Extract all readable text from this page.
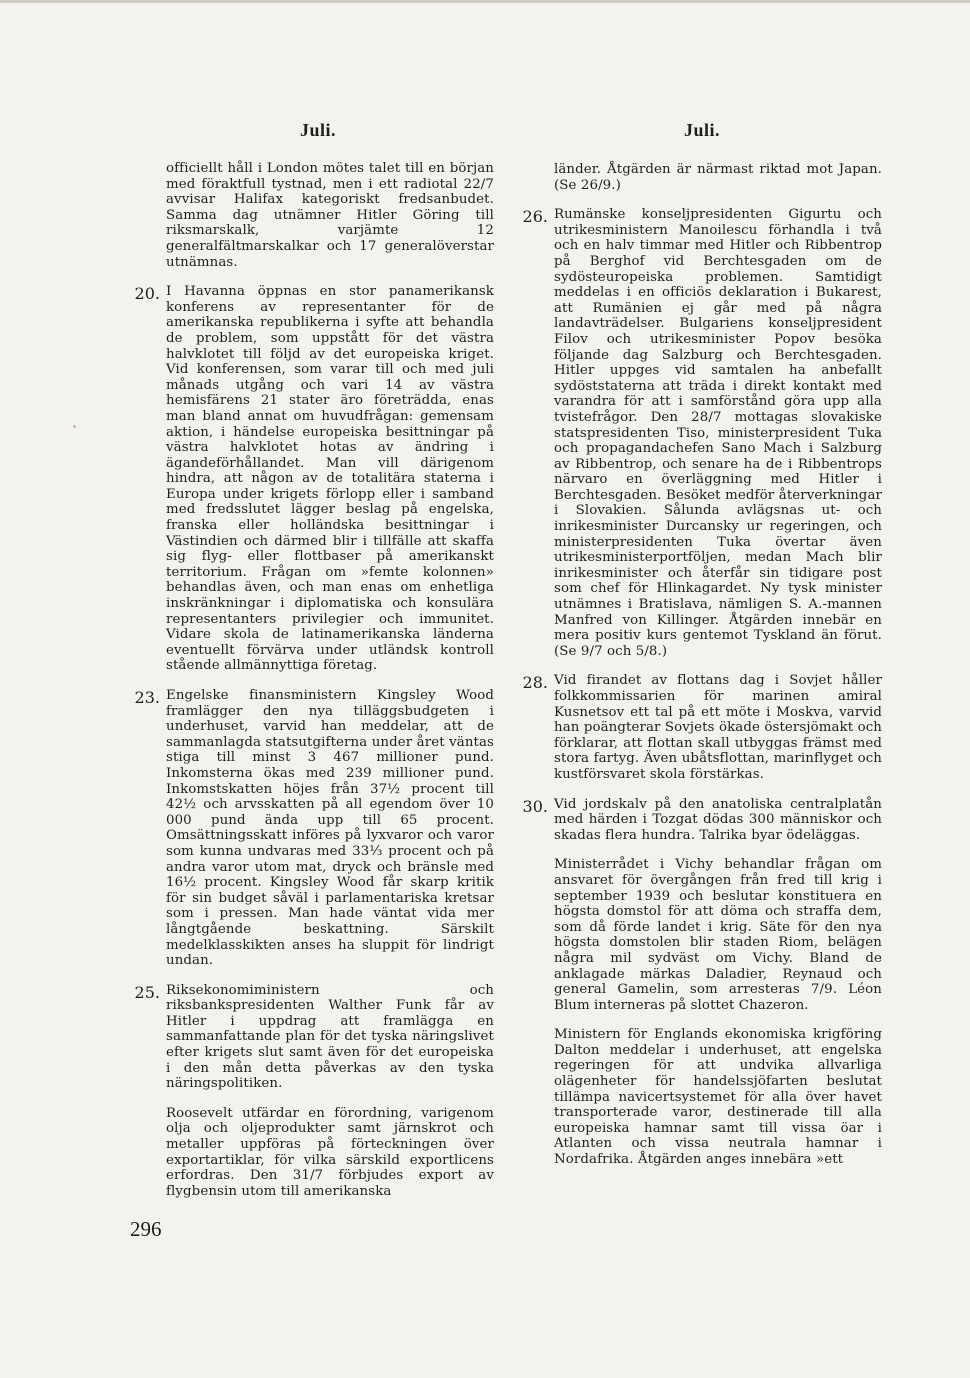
Juli.

officiellt håll i London mötes talet till en början med föraktfull tystnad, men i ett radiotal 22/7 avvisar Halifax kategoriskt fredsanbudet. Samma dag utnämner Hitler Göring till riksmarskalk, varjämte 12 generalfältmarskalkar och 17 generalöverstar utnämnas.

20. I Havanna öppnas en stor panamerikansk konferens av representanter för de amerikanska republikerna i syfte att behandla de problem, som uppstått för det västra halvklotet till följd av det europeiska kriget. Vid konferensen, som varar till och med juli månads utgång och vari 14 av västra hemisfärens 21 stater äro företrädda, enas man bland annat om huvudfrågan: gemensam aktion, i händelse europeiska besittningar på västra halvklotet hotas av ändring i ägandeförhållandet. Man vill därigenom hindra, att någon av de totalitära staterna i Europa under krigets förlopp eller i samband med fredsslutet lägger beslag på engelska, franska eller holländska besittningar i Västindien och därmed blir i tillfälle att skaffa sig flyg- eller flottbaser på amerikanskt territorium. Frågan om »femte kolonnen» behandlas även, och man enas om enhetliga inskränkningar i diplomatiska och konsulära representanters privilegier och immunitet. Vidare skola de latinamerikanska länderna eventuellt förvärva under utländsk kontroll stående allmännyttiga företag.

23. Engelske finansministern Kingsley Wood framlägger den nya tilläggsbudgeten i underhuset, varvid han meddelar, att de sammanlagda statsutgifterna under året väntas stiga till minst 3 467 millioner pund. Inkomsterna ökas med 239 millioner pund. Inkomstskatten höjes från 37½ procent till 42½ och arvsskatten på all egendom över 10 000 pund ända upp till 65 procent. Omsättningsskatt införes på lyxvaror och varor som kunna undvaras med 33⅓ procent och på andra varor utom mat, dryck och bränsle med 16½ procent. Kingsley Wood får skarp kritik för sin budget såväl i parlamentariska kretsar som i pressen. Man hade väntat vida mer långtgående beskattning. Särskilt medelklasskikten anses ha sluppit för lindrigt undan.

25. Riksekonomiministern och riksbankspresidenten Walther Funk får av Hitler i uppdrag att framlägga en sammanfattande plan för det tyska näringslivet efter krigets slut samt även för det europeiska i den mån detta påverkas av den tyska näringspolitiken.

Roosevelt utfärdar en förordning, varigenom olja och oljeprodukter samt järnskrot och metaller uppföras på förteckningen över exportartiklar, för vilka särskild exportlicens erfordras. Den 31/7 förbjudes export av flygbensin utom till amerikanska

Juli.

länder. Åtgärden är närmast riktad mot Japan. (Se 26/9.)

26. Rumänske konseljpresidenten Gigurtu och utrikesministern Manoilescu förhandla i två och en halv timmar med Hitler och Ribbentrop på Berghof vid Berchtesgaden om de sydösteuropeiska problemen. Samtidigt meddelas i en officiös deklaration i Bukarest, att Rumänien ej går med på några landavträdelser. Bulgariens konseljpresident Filov och utrikesminister Popov besöka följande dag Salzburg och Berchtesgaden. Hitler uppges vid samtalen ha anbefallt sydöststaterna att träda i direkt kontakt med varandra för att i samförstånd göra upp alla tvistefrågor. Den 28/7 mottagas slovakiske statspresidenten Tiso, ministerpresident Tuka och propagandachefen Sano Mach i Salzburg av Ribbentrop, och senare ha de i Ribbentrops närvaro en överläggning med Hitler i Berchtesgaden. Besöket medför återverkningar i Slovakien. Sålunda avlägsnas ut- och inrikesminister Durcansky ur regeringen, och ministerpresidenten Tuka övertar även utrikesministerportföljen, medan Mach blir inrikesminister och återfår sin tidigare post som chef för Hlinkagardet. Ny tysk minister utnämnes i Bratislava, nämligen S. A.-mannen Manfred von Killinger. Åtgärden innebär en mera positiv kurs gentemot Tyskland än förut. (Se 9/7 och 5/8.)

28. Vid firandet av flottans dag i Sovjet håller folkkommissarien för marinen amiral Kusnetsov ett tal på ett möte i Moskva, varvid han poängterar Sovjets ökade östersjömakt och förklarar, att flottan skall utbyggas främst med stora fartyg. Även ubåtsflottan, marinflyget och kustförsvaret skola förstärkas.

30. Vid jordskalv på den anatoliska centralplatån med härden i Tozgat dödas 300 människor och skadas flera hundra. Talrika byar ödeläggas.

Ministerrådet i Vichy behandlar frågan om ansvaret för övergången från fred till krig i september 1939 och beslutar konstituera en högsta domstol för att döma och straffa dem, som då förde landet i krig. Säte för den nya högsta domstolen blir staden Riom, belägen några mil sydväst om Vichy. Bland de anklagade märkas Daladier, Reynaud och general Gamelin, som arresteras 7/9. Léon Blum interneras på slottet Chazeron.

Ministern för Englands ekonomiska krigföring Dalton meddelar i underhuset, att engelska regeringen för att undvika allvarliga olägenheter för handelssjöfarten beslutat tillämpa navicertsystemet för alla över havet transporterade varor, destinerade till alla europeiska hamnar samt till vissa öar i Atlanten och vissa neutrala hamnar i Nordafrika. Åtgärden anges innebära »ett

296
